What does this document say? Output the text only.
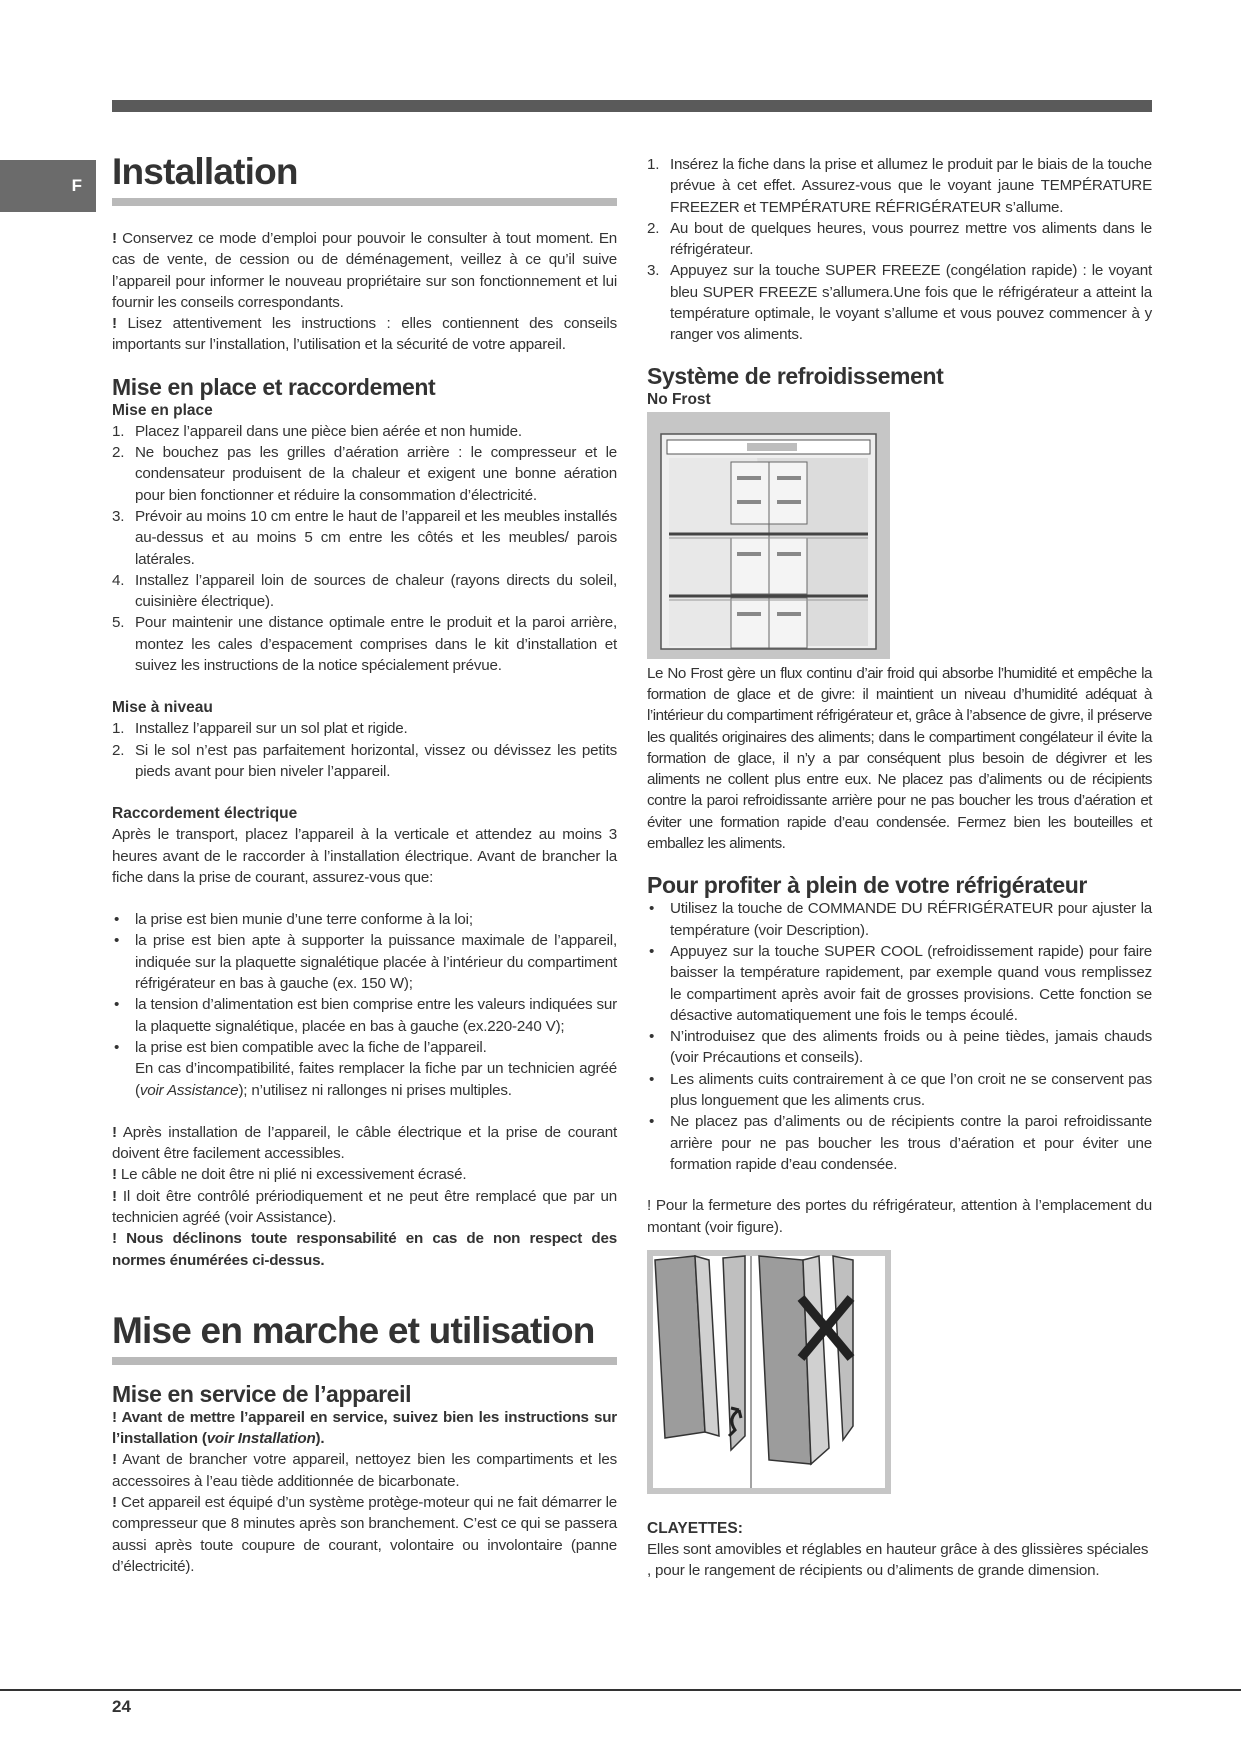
F Installation

! Conservez ce mode d’emploi pour pouvoir le consulter à tout moment. En cas de vente, de cession ou de déménagement, veillez à ce qu’il suive l’appareil pour informer le nouveau propriétaire sur son fonctionnement et lui fournir les conseils correspondants.

! Lisez attentivement les instructions : elles contiennent des conseils importants sur l’installation, l’utilisation et la sécurité de votre appareil.

Mise en place et raccordement
Mise en place
1. Placez l’appareil dans une pièce bien aérée et non humide.
2. Ne bouchez pas les grilles d’aération arrière : le compresseur et le condensateur produisent de la chaleur et exigent une bonne aération pour bien fonctionner et réduire la consommation d’électricité.
3. Prévoir au moins 10 cm entre le haut de l’appareil et les meubles installés au-dessus et au moins 5 cm entre les côtés et les meubles/ parois latérales.
4. Installez l’appareil loin de sources de chaleur (rayons directs du soleil, cuisinière électrique).
5. Pour maintenir une distance optimale entre le produit et la paroi arrière, montez les cales d’espacement comprises dans le kit d’installation et suivez les instructions de la notice spécialement prévue.
Mise à niveau
1. Installez l’appareil sur un sol plat et rigide.
2. Si le sol n’est pas parfaitement horizontal, vissez ou dévissez les petits pieds avant pour bien niveler l’appareil.
Raccordement électrique

Après le transport, placez l’appareil à la verticale et attendez au moins 3 heures avant de le raccorder à l’installation électrique. Avant de brancher la fiche dans la prise de courant, assurez-vous que:

• la prise est bien munie d’une terre conforme à la loi;
• la prise est bien apte à supporter la puissance maximale de l’appareil, indiquée sur la plaquette signalétique placée à l’intérieur du compartiment réfrigérateur en bas à gauche (ex. 150 W);
• la tension d’alimentation est bien comprise entre les valeurs indiquées sur la plaquette signalétique, placée en bas à gauche (ex.220-240 V);
• la prise est bien compatible avec la fiche de l’appareil.
En cas d’incompatibilité, faites remplacer la fiche par un technicien agréé (voir Assistance); n’utilisez ni rallonges ni prises multiples.

! Après installation de l’appareil, le câble électrique et la prise de courant doivent être facilement accessibles.

! Le câble ne doit être ni plié ni excessivement écrasé.

! Il doit être contrôlé prériodiquement et ne peut être remplacé que par un technicien agréé (voir Assistance).

! Nous déclinons toute responsabilité en cas de non respect des normes énumérées ci-dessus.

Mise en marche et utilisation
Mise en service de l’appareil

! Avant de mettre l’appareil en service, suivez bien les instructions sur l’installation (voir Installation).

! Avant de brancher votre appareil, nettoyez bien les compartiments et les accessoires à l’eau tiède additionnée de bicarbonate.

! Cet appareil est équipé d’un système protège-moteur qui ne fait démarrer le compresseur que 8 minutes après son branchement. C’est ce qui se passera aussi après toute coupure de courant, volontaire ou involontaire (panne d’électricité).

1. Insérez la fiche dans la prise et allumez le produit par le biais de la touche prévue à cet effet. Assurez-vous que le voyant jaune TEMPÉRATURE FREEZER et TEMPÉRATURE RÉFRIGÉRATEUR s’allume.
2. Au bout de quelques heures, vous pourrez mettre vos aliments dans le réfrigérateur.
3. Appuyez sur la touche SUPER FREEZE (congélation rapide) : le voyant bleu SUPER FREEZE s’allumera.Une fois que le réfrigérateur a atteint la température optimale, le voyant s’allume et vous pouvez commencer à y ranger vos aliments.
Système de refroidissement
No Frost

Le No Frost gère un flux continu d’air froid qui absorbe l’humidité et empêche la formation de glace et de givre: il maintient un niveau d’humidité adéquat à l’intérieur du compartiment réfrigérateur et, grâce à l’absence de givre, il préserve les qualités originaires des aliments; dans le compartiment congélateur il évite la formation de glace, il n’y a par conséquent plus besoin de dégivrer et les aliments ne collent plus entre eux. Ne placez pas d’aliments ou de récipients contre la paroi refroidissante arrière pour ne pas boucher les trous d’aération et éviter une formation rapide d’eau condensée. Fermez bien les bouteilles et emballez les aliments.

Pour profiter à plein de votre réfrigérateur
• Utilisez la touche de COMMANDE DU RÉFRIGÉRATEUR pour ajuster la température (voir Description).
• Appuyez sur la touche SUPER COOL (refroidissement rapide) pour faire baisser la température rapidement, par exemple quand vous remplissez le compartiment après avoir fait de grosses provisions. Cette fonction se désactive automatiquement une fois le temps écoulé.
• N’introduisez que des aliments froids ou à peine tièdes, jamais chauds (voir Précautions et conseils).
• Les aliments cuits contrairement à ce que l’on croit ne se conservent pas plus longuement que les aliments crus.
• Ne placez pas d’aliments ou de récipients contre la paroi refroidissante arrière pour ne pas boucher les trous d’aération et pour éviter une formation rapide d’eau condensée.

! Pour la fermeture des portes du réfrigérateur, attention à l’emplacement du montant (voir figure).

CLAYETTES:

Elles sont amovibles et réglables en hauteur grâce à des glissières spéciales , pour le rangement de récipients ou d’aliments de grande dimension.

24
